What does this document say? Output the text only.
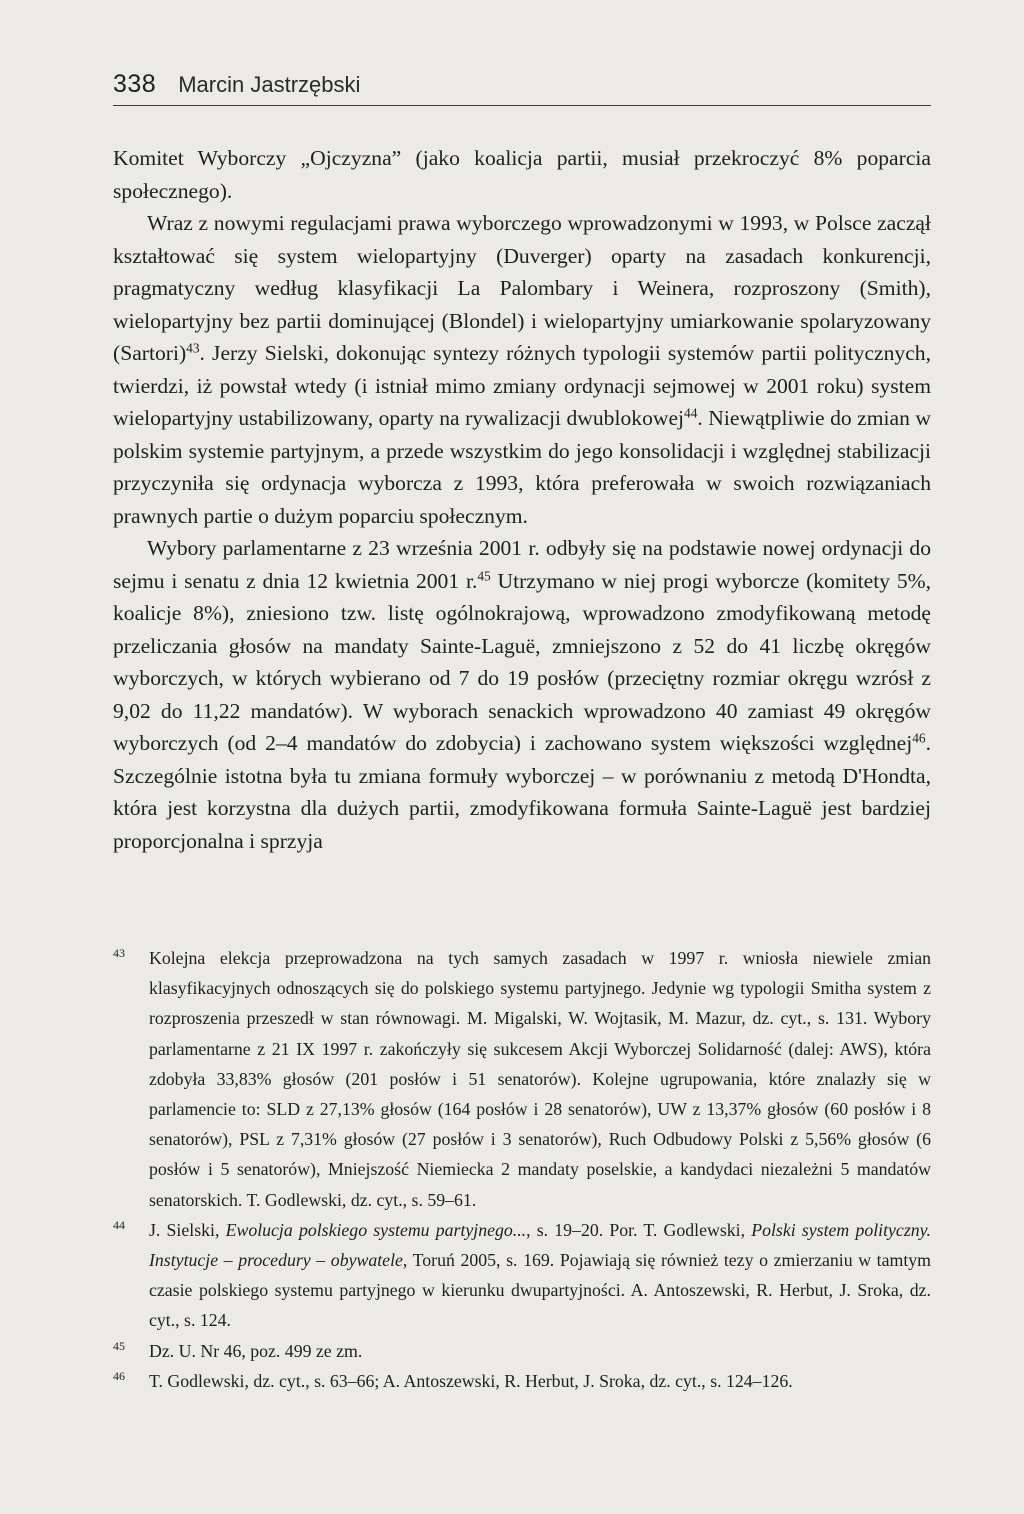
338 Marcin Jastrzębski

Komitet Wyborczy „Ojczyzna” (jako koalicja partii, musiał przekroczyć 8% poparcia społecznego).

Wraz z nowymi regulacjami prawa wyborczego wprowadzonymi w 1993, w Polsce zaczął kształtować się system wielopartyjny (Duverger) oparty na zasadach konkurencji, pragmatyczny według klasyfikacji La Palombary i Weinera, rozproszony (Smith), wielopartyjny bez partii dominującej (Blondel) i wielopartyjny umiarkowanie spolaryzowany (Sartori)$^{43}$. Jerzy Sielski, dokonując syntezy różnych typologii systemów partii politycznych, twierdzi, iż powstał wtedy (i istniał mimo zmiany ordynacji sejmowej w 2001 roku) system wielopartyjny ustabilizowany, oparty na rywalizacji dwublokowej$^{44}$. Niewątpliwie do zmian w polskim systemie partyjnym, a przede wszystkim do jego konsolidacji i względnej stabilizacji przyczyniła się ordynacja wyborcza z 1993, która preferowała w swoich rozwiązaniach prawnych partie o dużym poparciu społecznym.

Wybory parlamentarne z 23 września 2001 r. odbyły się na podstawie nowej ordynacji do sejmu i senatu z dnia 12 kwietnia 2001 r.$^{45}$ Utrzymano w niej progi wyborcze (komitety 5%, koalicje 8%), zniesiono tzw. listę ogólnokrajową, wprowadzono zmodyfikowaną metodę przeliczania głosów na mandaty Sainte-Laguë, zmniejszono z 52 do 41 liczbę okręgów wyborczych, w których wybierano od 7 do 19 posłów (przeciętny rozmiar okręgu wzrósł z 9,02 do 11,22 mandatów). W wyborach senackich wprowadzono 40 zamiast 49 okręgów wyborczych (od 2–4 mandatów do zdobycia) i zachowano system większości względnej$^{46}$. Szczególnie istotna była tu zmiana formuły wyborczej – w porównaniu z metodą D'Hondta, która jest korzystna dla dużych partii, zmodyfikowana formuła Sainte-Laguë jest bardziej proporcjonalna i sprzyja

43	Kolejna elekcja przeprowadzona na tych samych zasadach w 1997 r. wniosła niewiele zmian klasyfikacyjnych odnoszących się do polskiego systemu partyjnego. Jedynie wg typologii Smitha system z rozproszenia przeszedł w stan równowagi. M. Migalski, W. Wojtasik, M. Mazur, dz. cyt., s. 131. Wybory parlamentarne z 21 IX 1997 r. zakończyły się sukcesem Akcji Wyborczej Solidarność (dalej: AWS), która zdobyła 33,83% głosów (201 posłów i 51 senatorów). Kolejne ugrupowania, które znalazły się w parlamencie to: SLD z 27,13% głosów (164 posłów i 28 senatorów), UW z 13,37% głosów (60 posłów i 8 senatorów), PSL z 7,31% głosów (27 posłów i 3 senatorów), Ruch Odbudowy Polski z 5,56% głosów (6 posłów i 5 senatorów), Mniejszość Niemiecka 2 mandaty poselskie, a kandydaci niezależni 5 mandatów senatorskich. T. Godlewski, dz. cyt., s. 59–61.
44	J. Sielski, Ewolucja polskiego systemu partyjnego..., s. 19–20. Por. T. Godlewski, Polski system polityczny. Instytucje – procedury – obywatele, Toruń 2005, s. 169. Pojawiają się również tezy o zmierzaniu w tamtym czasie polskiego systemu partyjnego w kierunku dwupartyjności. A. Antoszewski, R. Herbut, J. Sroka, dz. cyt., s. 124.
45	Dz. U. Nr 46, poz. 499 ze zm.
46	T. Godlewski, dz. cyt., s. 63–66; A. Antoszewski, R. Herbut, J. Sroka, dz. cyt., s. 124–126.
